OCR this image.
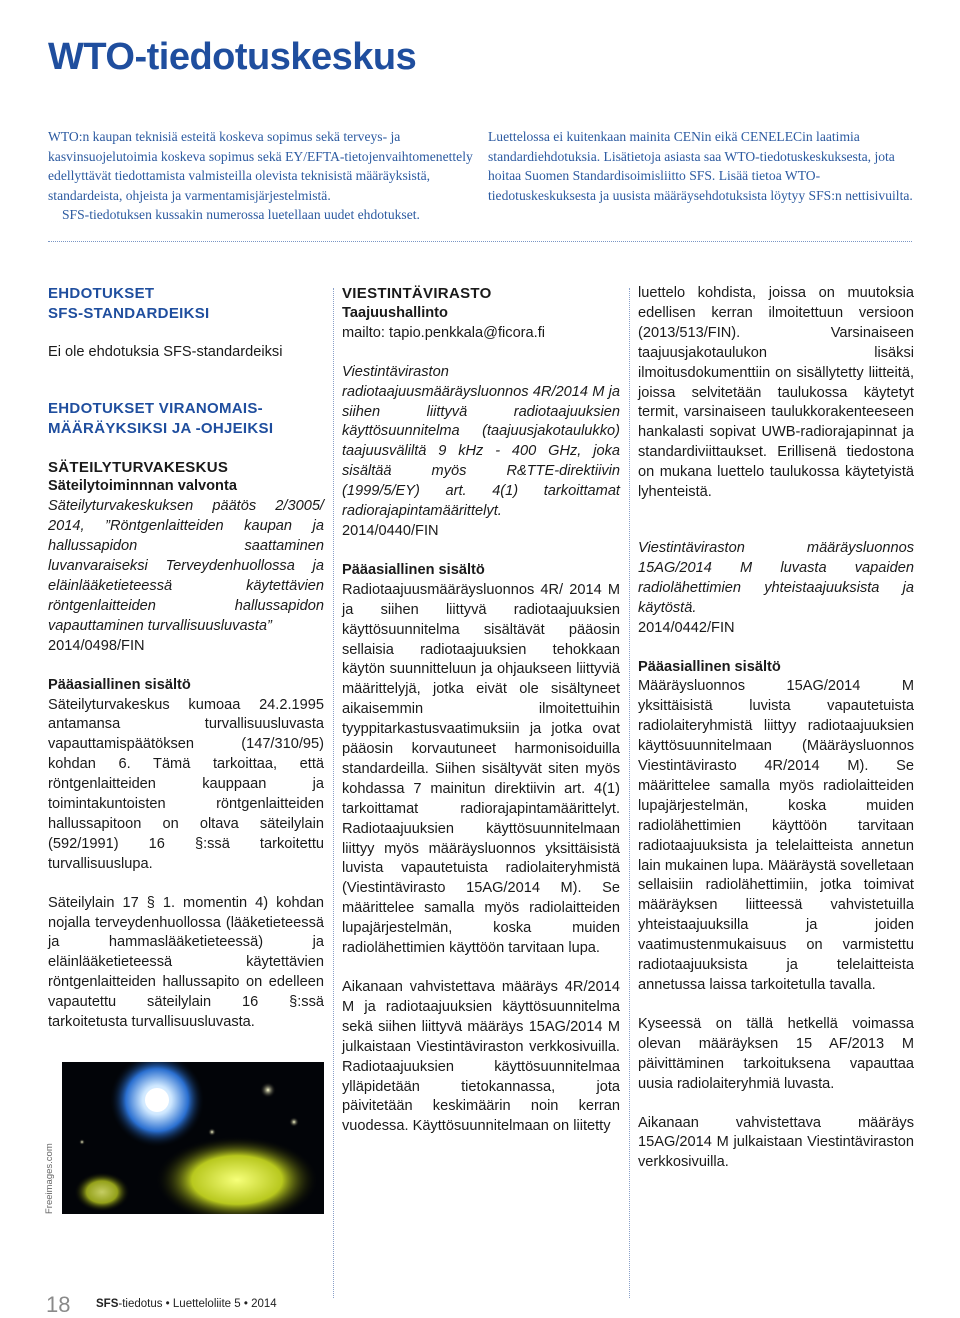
WTO-tiedotuskeskus

WTO:n kaupan teknisiä esteitä koskeva sopimus sekä terveys- ja kasvinsuojelutoimia koskeva sopimus sekä EY/EFTA-tietojenvaihtomenettely edellyttävät tiedottamista valmisteilla olevista teknisistä määräyksistä, standardeista, ohjeista ja varmentamisjärjestelmistä.

SFS-tiedotuksen kussakin numerossa luetellaan uudet ehdotukset.

Luettelossa ei kuitenkaan mainita CENin eikä CENELECin laatimia standardiehdotuksia. Lisätietoja asiasta saa WTO-tiedotuskeskuksesta, jota hoitaa Suomen Standardisoimisliitto SFS. Lisää tietoa WTO-tiedotuskeskuksesta ja uusista määräysehdotuksista löytyy SFS:n nettisivuilta.

EHDOTUKSET

SFS-STANDARDEIKSI

Ei ole ehdotuksia SFS-standardeiksi

EHDOTUKSET VIRANOMAIS-

MÄÄRÄYKSIKSI JA -OHJEIKSI

SÄTEILYTURVAKESKUS

Säteilytoiminnnan valvonta

Säteilyturvakeskuksen päätös 2/3005/ 2014, ”Röntgenlaitteiden kaupan ja hallussapidon saattaminen luvanvaraiseksi Terveydenhuollossa ja eläinlääketieteessä käytettävien röntgenlaitteiden hallussapidon vapauttaminen turvallisuusluvasta”

2014/0498/FIN

Pääasiallinen sisältö

Säteilyturvakeskus kumoaa 24.2.1995 antamansa turvallisuusluvasta vapauttamispäätöksen (147/310/95) kohdan 6. Tämä tarkoittaa, että röntgenlaitteiden kauppaan ja toimintakuntoisten röntgenlaitteiden hallussapitoon on oltava säteilylain (592/1991) 16 §:ssä tarkoitettu turvallisuuslupa.

Säteilylain 17 § 1. momentin 4) kohdan nojalla terveydenhuollossa (lääketieteessä ja hammaslääketieteessä) ja eläinlääketieteessä käytettävien röntgenlaitteiden hallussapito on edelleen vapautettu säteilylain 16 §:ssä tarkoitetusta turvallisuusluvasta.

Freeimages.com

VIESTINTÄVIRASTO

Taajuushallinto

mailto: tapio.penkkala@ficora.fi

Viestintäviraston radiotaajuusmääräysluonnos 4R/2014 M ja siihen liittyvä radiotaajuuksien käyttösuunnitelma (taajuusjakotaulukko) taajuusväliltä 9 kHz - 400 GHz, joka sisältää myös R&TTE-direktiivin (1999/5/EY) art. 4(1) tarkoittamat radiorajapintamäärittelyt.

2014/0440/FIN

Pääasiallinen sisältö

Radiotaajuusmääräysluonnos 4R/ 2014 M ja siihen liittyvä radiotaajuuksien käyttösuunnitelma sisältävät pääosin sellaisia radiotaajuuksien tehokkaan käytön suunnitteluun ja ohjaukseen liittyviä määrittelyjä, jotka eivät ole sisältyneet aikaisemmin ilmoitettuihin tyyppitarkastusvaatimuksiin ja jotka ovat pääosin korvautuneet harmonisoiduilla standardeilla. Siihen sisältyvät siten myös kohdassa 7 mainitun direktiivin art. 4(1) tarkoittamat radiorajapintamäärittelyt. Radiotaajuuksien käyttösuunnitelmaan liittyy myös määräysluonnos yksittäisistä luvista vapautetuista radiolaiteryhmistä (Viestintävirasto 15AG/2014 M). Se määrittelee samalla myös radiolaitteiden lupajärjestelmän, koska muiden radiolähettimien käyttöön tarvitaan lupa.

Aikanaan vahvistettava määräys 4R/2014 M ja radiotaajuuksien käyttösuunnitelma sekä siihen liittyvä määräys 15AG/2014 M julkaistaan Viestintäviraston verkkosivuilla. Radiotaajuuksien käyttösuunnitelmaa ylläpidetään tietokannassa, jota päivitetään keskimäärin noin kerran vuodessa. Käyttösuunnitelmaan on liitetty

luettelo kohdista, joissa on muutoksia edellisen kerran ilmoitettuun versioon (2013/513/FIN). Varsinaiseen taajuusjakotaulukon lisäksi ilmoitusdokumenttiin on sisällytetty liitteitä, joissa selvitetään taulukossa käytetyt termit, varsinaiseen taulukkorakenteeseen hankalasti sopivat UWB-radiorajapinnat ja standardiviittaukset. Erillisenä tiedostona on mukana luettelo taulukossa käytetyistä lyhenteistä.

Viestintäviraston määräysluonnos 15AG/2014 M luvasta vapaiden radiolähettimien yhteistaajuuksista ja käytöstä.

2014/0442/FIN

Pääasiallinen sisältö

Määräysluonnos 15AG/2014 M yksittäisistä luvista vapautetuista radiolaiteryhmistä liittyy radiotaajuuksien käyttösuunnitelmaan (Määräysluonnos Viestintävirasto 4R/2014 M). Se määrittelee samalla myös radiolaitteiden lupajärjestelmän, koska muiden radiolähettimien käyttöön tarvitaan radiotaajuuksista ja telelaitteista annetun lain mukainen lupa. Määräystä sovelletaan sellaisiin radiolähettimiin, jotka toimivat määräyksen liitteessä vahvistetuilla yhteistaajuuksilla ja joiden vaatimustenmukaisuus on varmistettu radiotaajuuksista ja telelaitteista annetussa laissa tarkoitetulla tavalla.

Kyseessä on tällä hetkellä voimassa olevan määräyksen 15 AF/2013 M päivittäminen tarkoituksena vapauttaa uusia radiolaiteryhmiä luvasta.

Aikanaan vahvistettava määräys 15AG/2014 M julkaistaan Viestintäviraston verkkosivuilla.

18 SFS-tiedotus • Luetteloliite 5 • 2014
